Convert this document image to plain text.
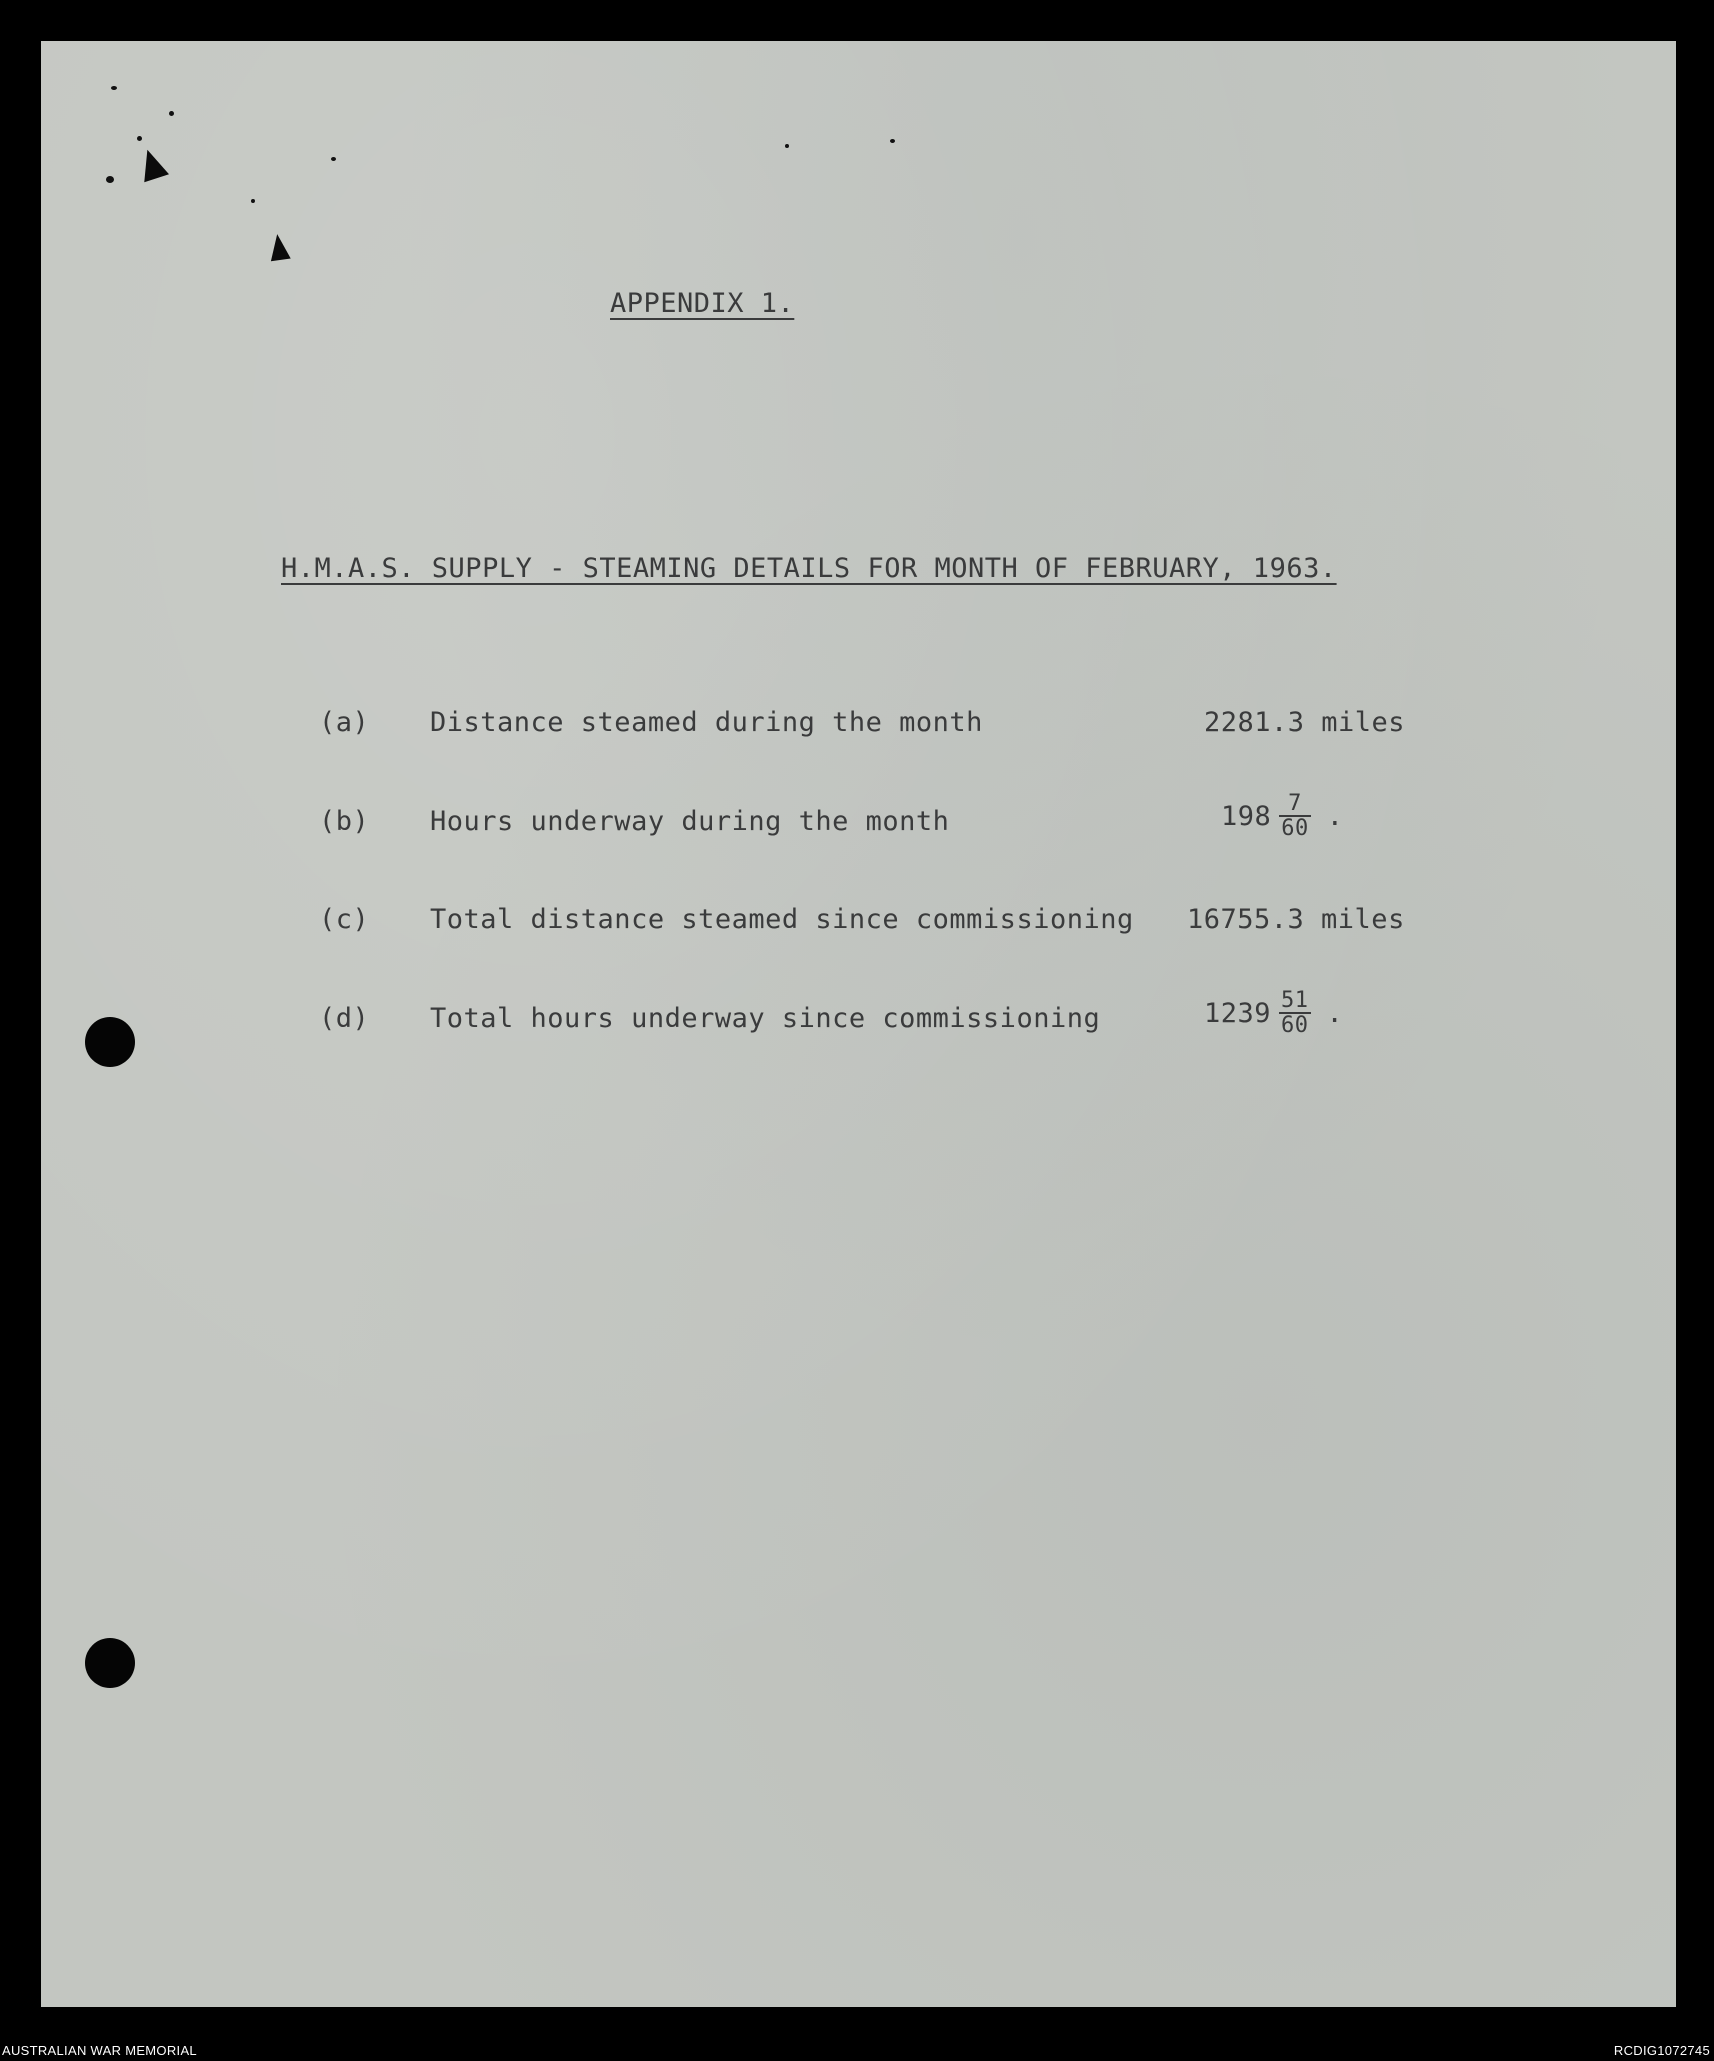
APPENDIX 1.
H.M.A.S. SUPPLY - STEAMING DETAILS FOR MONTH OF FEBRUARY, 1963.
(a) Distance steamed during the month	2281.3 miles
(b) Hours underway during the month	$198 \frac{7}{60}$ .
(c) Total distance steamed since commissioning 16755.3 miles
(d) Total hours underway since commissioning	$1239 \frac{51}{60}$ .
AUSTRALIAN WAR MEMORIAL	RCDIG1072745
